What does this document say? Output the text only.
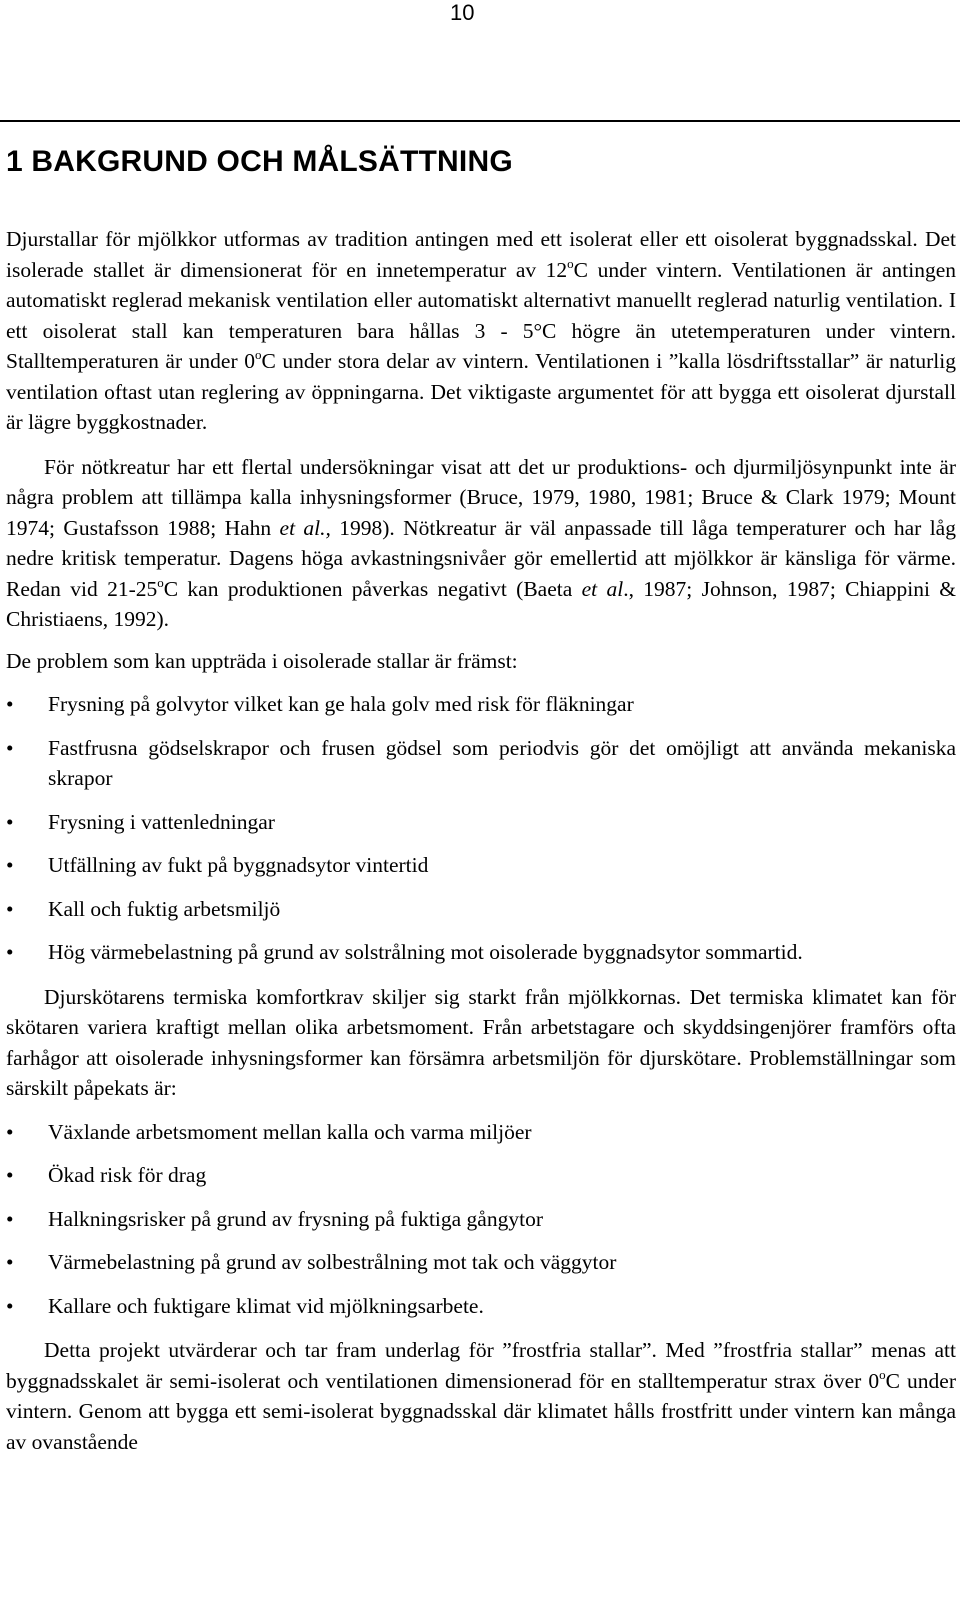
10
1 BAKGRUND OCH MÅLSÄTTNING

Djurstallar för mjölkkor utformas av tradition antingen med ett isolerat eller ett oisolerat byggnadsskal. Det isolerade stallet är dimensionerat för en innetemperatur av 12$^o$C under vintern. Ventilationen är antingen automatiskt reglerad mekanisk ventilation eller automatiskt alternativt manuellt reglerad naturlig ventilation. I ett oisolerat stall kan temperaturen bara hållas 3 - 5°C högre än utetemperaturen under vintern. Stalltemperaturen är under 0$^o$C under stora delar av vintern. Ventilationen i ”kalla lösdriftsstallar” är naturlig ventilation oftast utan reglering av öppningarna. Det viktigaste argumentet för att bygga ett oisolerat djurstall är lägre byggkostnader.

För nötkreatur har ett flertal undersökningar visat att det ur produktions- och djurmiljösynpunkt inte är några problem att tillämpa kalla inhysningsformer (Bruce, 1979, 1980, 1981; Bruce & Clark 1979; Mount 1974; Gustafsson 1988; Hahn et al., 1998). Nötkreatur är väl anpassade till låga temperaturer och har låg nedre kritisk temperatur. Dagens höga avkastningsnivåer gör emellertid att mjölkkor är känsliga för värme. Redan vid 21-25$^o$C kan produktionen påverkas negativt (Baeta et al., 1987; Johnson, 1987; Chiappini & Christiaens, 1992).

De problem som kan uppträda i oisolerade stallar är främst:

•	Frysning på golvytor vilket kan ge hala golv med risk för fläkningar
•	Fastfrusna gödselskrapor och frusen gödsel som periodvis gör det omöjligt att använda mekaniska skrapor
•	Frysning i vattenledningar
•	Utfällning av fukt på byggnadsytor vintertid
•	Kall och fuktig arbetsmiljö
•	Hög värmebelastning på grund av solstrålning mot oisolerade byggnadsytor sommartid.

Djurskötarens termiska komfortkrav skiljer sig starkt från mjölkkornas. Det termiska klimatet kan för skötaren variera kraftigt mellan olika arbetsmoment. Från arbetstagare och skyddsingenjörer framförs ofta farhågor att oisolerade inhysningsformer kan försämra arbetsmiljön för djurskötare. Problemställningar som särskilt påpekats är:

•	Växlande arbetsmoment mellan kalla och varma miljöer
•	Ökad risk för drag
•	Halkningsrisker på grund av frysning på fuktiga gångytor
•	Värmebelastning på grund av solbestrålning mot tak och väggytor
•	Kallare och fuktigare klimat vid mjölkningsarbete.

Detta projekt utvärderar och tar fram underlag för ”frostfria stallar”. Med ”frostfria stallar” menas att byggnadsskalet är semi-isolerat och ventilationen dimensionerad för en stalltemperatur strax över 0$^o$C under vintern. Genom att bygga ett semi-isolerat byggnadsskal där klimatet hålls frostfritt under vintern kan många av ovanstående
